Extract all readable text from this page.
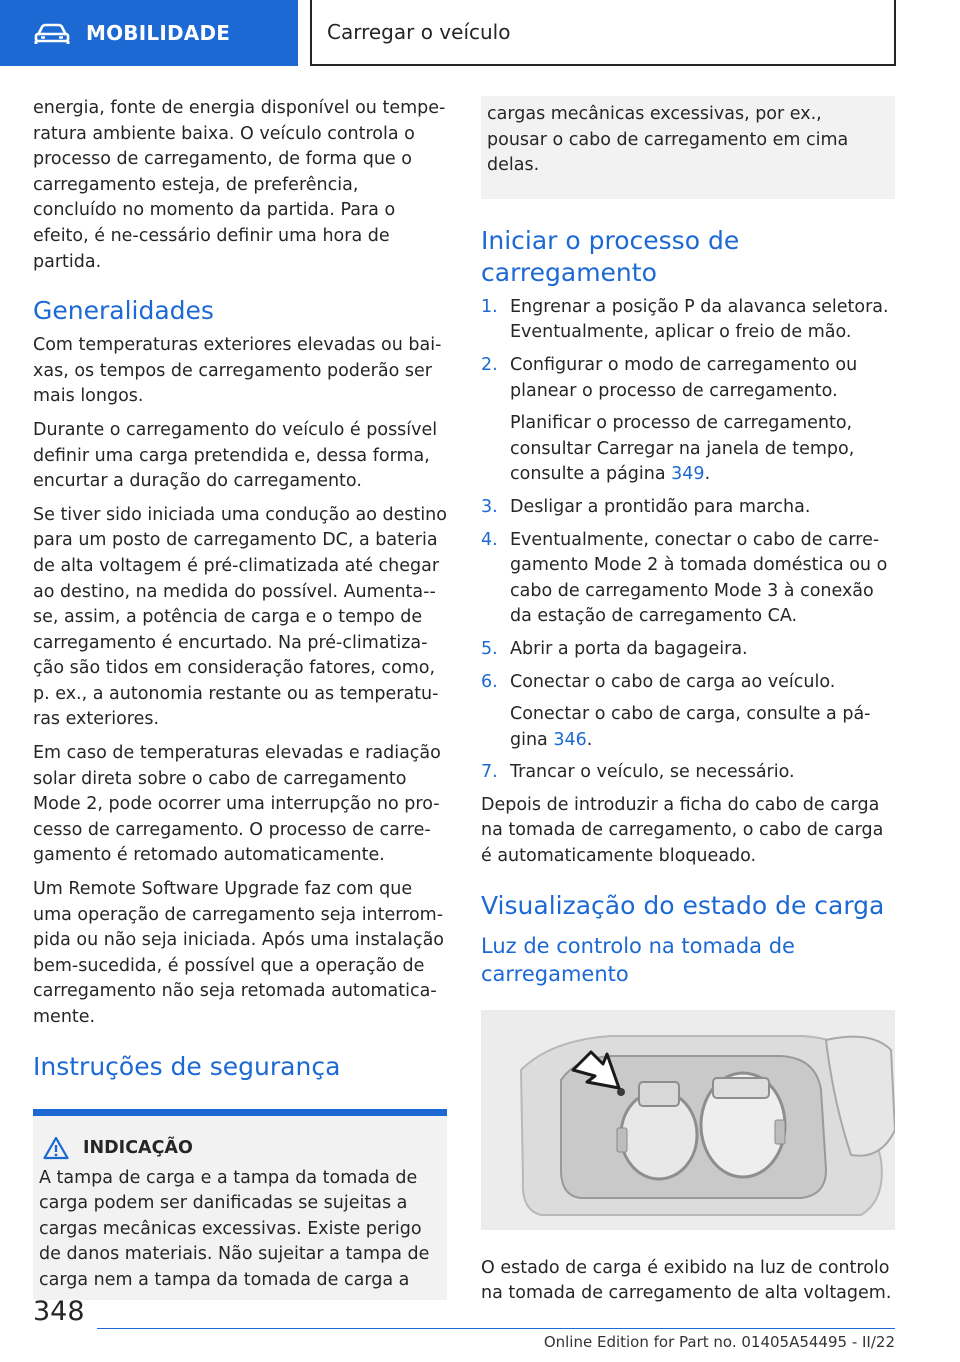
MOBILIDADE	Carregar o veículo

energia, fonte de energia disponível ou tempe-ratura ambiente baixa. O veículo controla o processo de carregamento, de forma que o carregamento esteja, de preferência, concluído no momento da partida. Para o efeito, é ne-cessário definir uma hora de partida.

Generalidades

Com temperaturas exteriores elevadas ou bai-xas, os tempos de carregamento poderão ser mais longos.

Durante o carregamento do veículo é possível definir uma carga pretendida e, dessa forma, encurtar a duração do carregamento.

Se tiver sido iniciada uma condução ao destino para um posto de carregamento DC, a bateria de alta voltagem é pré-climatizada até chegar ao destino, na medida do possível. Aumenta--se, assim, a potência de carga e o tempo de carregamento é encurtado. Na pré-climatiza-ção são tidos em consideração fatores, como, p. ex., a autonomia restante ou as temperatu-ras exteriores.

Em caso de temperaturas elevadas e radiação solar direta sobre o cabo de carregamento Mode 2, pode ocorrer uma interrupção no pro-cesso de carregamento. O processo de carre-gamento é retomado automaticamente.

Um Remote Software Upgrade faz com que uma operação de carregamento seja interrom-pida ou não seja iniciada. Após uma instalação bem-sucedida, é possível que a operação de carregamento não seja retomada automatica-mente.

Instruções de segurança
INDICAÇÃO

A tampa de carga e a tampa da tomada de carga podem ser danificadas se sujeitas a cargas mecânicas excessivas. Existe perigo de danos materiais. Não sujeitar a tampa de carga nem a tampa da tomada de carga a

cargas mecânicas excessivas, por ex., pousar o cabo de carregamento em cima delas.

Iniciar o processo de carregamento
1. Engrenar a posição P da alavanca seletora. Eventualmente, aplicar o freio de mão.
2. Configurar o modo de carregamento ou planear o processo de carregamento.
Planificar o processo de carregamento, consultar Carregar na janela de tempo, consulte a página 349.
3. Desligar a prontidão para marcha.
4. Eventualmente, conectar o cabo de carre-gamento Mode 2 à tomada doméstica ou o cabo de carregamento Mode 3 à conexão da estação de carregamento CA.
5. Abrir a porta da bagageira.
6. Conectar o cabo de carga ao veículo.
Conectar o cabo de carga, consulte a pá-gina 346.
7. Trancar o veículo, se necessário.

Depois de introduzir a ficha do cabo de carga na tomada de carregamento, o cabo de carga é automaticamente bloqueado.

Visualização do estado de carga
Luz de controlo na tomada de carregamento

O estado de carga é exibido na luz de controlo na tomada de carregamento de alta voltagem.

348
Online Edition for Part no. 01405A54495 - II/22
